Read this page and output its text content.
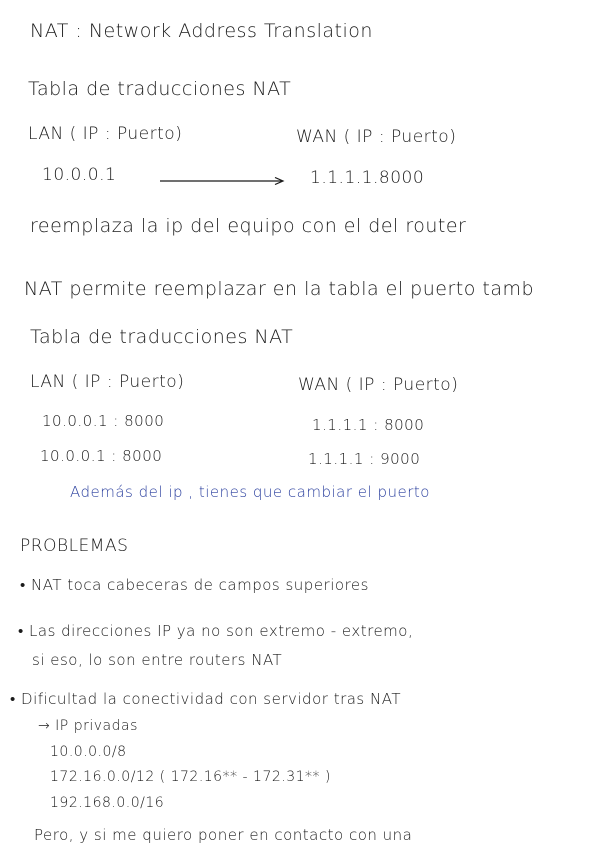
NAT : Network Address Translation
Tabla de traducciones NAT
LAN ( IP : Puerto)	WAN ( IP : Puerto)
10.0.0.1	1.1.1.1.8000
reemplaza la ip del equipo con el del router
NAT permite reemplazar en la tabla el puerto tamb
Tabla de traducciones NAT
LAN ( IP : Puerto)	WAN ( IP : Puerto)
10.0.0.1 : 8000	1.1.1.1 : 8000
10.0.0.1 : 8000	1.1.1.1 : 9000
Además del ip , tienes que cambiar el puerto
PROBLEMAS
• NAT toca cabeceras de campos superiores
• Las direcciones IP ya no son extremo - extremo,
si eso, lo son entre routers NAT
• Dificultad la conectividad con servidor tras NAT
→ IP privadas
10.0.0.0/8
172.16.0.0/12 ( 172.16** - 172.31** )
192.168.0.0/16
Pero, y si me quiero poner en contacto con una
